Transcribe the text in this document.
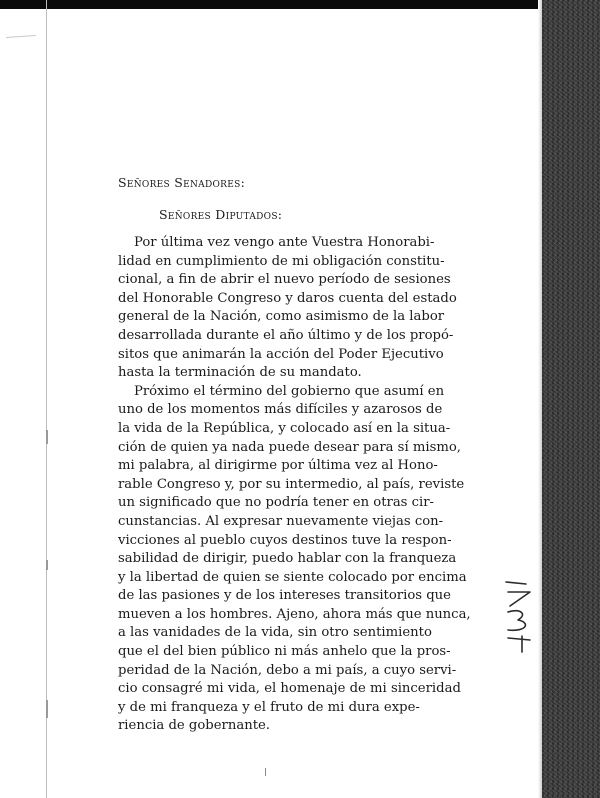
Señores Senadores:
Señores Diputados:
Por última vez vengo ante Vuestra Honorabi-
lidad en cumplimiento de mi obligación constitu-
cional, a fin de abrir el nuevo período de sesiones
del Honorable Congreso y daros cuenta del estado
general de la Nación, como asimismo de la labor
desarrollada durante el año último y de los propó-
sitos que animarán la acción del Poder Ejecutivo
hasta la terminación de su mandato.
Próximo el término del gobierno que asumí en
uno de los momentos más difíciles y azarosos de
la vida de la República, y colocado así en la situa-
ción de quien ya nada puede desear para sí mismo,
mi palabra, al dirigirme por última vez al Hono-
rable Congreso y, por su intermedio, al país, reviste
un significado que no podría tener en otras cir-
cunstancias. Al expresar nuevamente viejas con-
vicciones al pueblo cuyos destinos tuve la respon-
sabilidad de dirigir, puedo hablar con la franqueza
y la libertad de quien se siente colocado por encima
de las pasiones y de los intereses transitorios que
mueven a los hombres. Ajeno, ahora más que nunca,
a las vanidades de la vida, sin otro sentimiento
que el del bien público ni más anhelo que la pros-
peridad de la Nación, debo a mi país, a cuyo servi-
cio consagré mi vida, el homenaje de mi sinceridad
y de mi franqueza y el fruto de mi dura expe-
riencia de gobernante.
1731
